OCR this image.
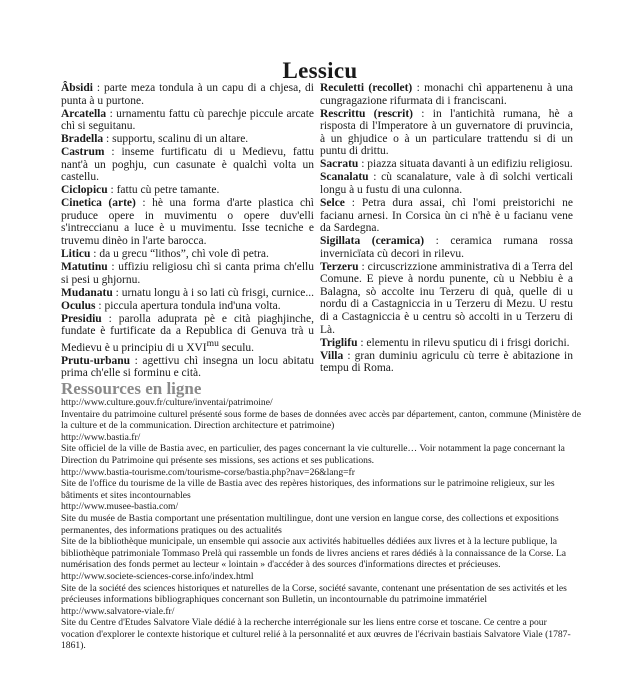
Lessicu
Ȃbsidi : parte meza tondula à un capu di a chjesa, di punta à u purtone.
Arcatella : urnamentu fattu cù parechje piccule arcate chì si seguitanu.
Bradella : supportu, scalinu di un altare.
Castrum : inseme furtificatu di u Medievu, fattu nant'à un poghju, cun casunate è qualchì volta un castellu.
Ciclopicu : fattu cù petre tamante.
Cinetica (arte) : hè una forma d'arte plastica chì pruduce opere in muvimentu o opere duv'elli s'intreccianu a luce è u muvimentu. Isse tecniche e truvemu dinèo in l'arte barocca.
Liticu : da u grecu “lithos”, chì vole dì petra.
Matutinu : uffiziu religiosu chì si canta prima ch'ellu si pesi u ghjornu.
Mudanatu : urnatu longu à i so lati cù frisgi, curnice...
Oculus : piccula apertura tondula ind'una volta.
Presidiu : parolla aduprata pè e cità piaghjinche, fundate è furtificate da a Republica di Genuva trà u Medievu è u principiu di u $XVI^{mu}$ seculu.
Prutu-urbanu : agettivu chì insegna un locu abitatu prima ch'elle si forminu e cità.
Reculetti (recollet) : monachi chì appartenenu à una cungragazione rifurmata di i franciscani.
Rescrittu (rescrit) : in l'antichità rumana, hè a risposta di l'Imperatore à un guvernatore di pruvincia, à un ghjudice o à un particulare trattendu si di un puntu di drittu.
Sacratu : piazza situata davanti à un edifiziu religiosu.
Scanalatu : cù scanalature, vale à dì solchi verticali longu à u fustu di una culonna.
Selce : Petra dura assai, chì l'omi preistorichi ne facianu arnesi. In Corsica ùn ci n'hè è u facianu vene da Sardegna.
Sigillata (ceramica) : ceramica rumana rossa invernicïata cù decori in rilevu.
Terzeru : circuscrizzione amministrativa di a Terra del Comune. E pieve à nordu punente, cù u Nebbiu è a Balagna, sò accolte inu Terzeru di quà, quelle di u nordu di a Castagniccia in u Terzeru di Mezu. U restu di a Castagniccia è u centru sò accolti in u Terzeru di Là.
Triglifu : elementu in rilevu sputicu di i frisgi dorichi.
Villa : gran duminiu agriculu cù terre è abitazione in tempu di Roma.
Ressources en ligne
http://www.culture.gouv.fr/culture/inventai/patrimoine/
Inventaire du patrimoine culturel présenté sous forme de bases de données avec accès par département, canton, commune (Ministère de la culture et de la communication. Direction architecture et patrimoine)
http://www.bastia.fr/
Site officiel de la ville de Bastia avec, en particulier, des pages concernant la vie culturelle… Voir notamment la page concernant la Direction du Patrimoine qui présente ses missions, ses actions et ses publications.
http://www.bastia-tourisme.com/tourisme-corse/bastia.php?nav=26&lang=fr
Site de l'office du tourisme de la ville de Bastia avec des repères historiques, des informations sur le patrimoine religieux, sur les bâtiments et sites incontournables
http://www.musee-bastia.com/
Site du musée de Bastia comportant une présentation multilingue, dont une version en langue corse, des collections et expositions permanentes, des informations pratiques ou des actualités
Site de la bibliothèque municipale, un ensemble qui associe aux activités habituelles dédiées aux livres et à la lecture publique, la bibliothèque patrimoniale Tommaso Prelà qui rassemble un fonds de livres anciens et rares dédiés à la connaissance de la Corse. La numérisation des fonds permet au lecteur « lointain » d'accéder à des sources d'informations directes et précieuses.
http://www.societe-sciences-corse.info/index.html
Site de la société des sciences historiques et naturelles de la Corse, société savante, contenant une présentation de ses activités et les précieuses informations bibliographiques concernant son Bulletin, un incontournable du patrimoine immatériel
http://www.salvatore-viale.fr/
Site du Centre d'Etudes Salvatore Viale dédié à la recherche interrégionale sur les liens entre corse et toscane. Ce centre a pour vocation d'explorer le contexte historique et culturel relié à la personnalité et aux œuvres de l'écrivain bastiais Salvatore Viale (1787-1861).
